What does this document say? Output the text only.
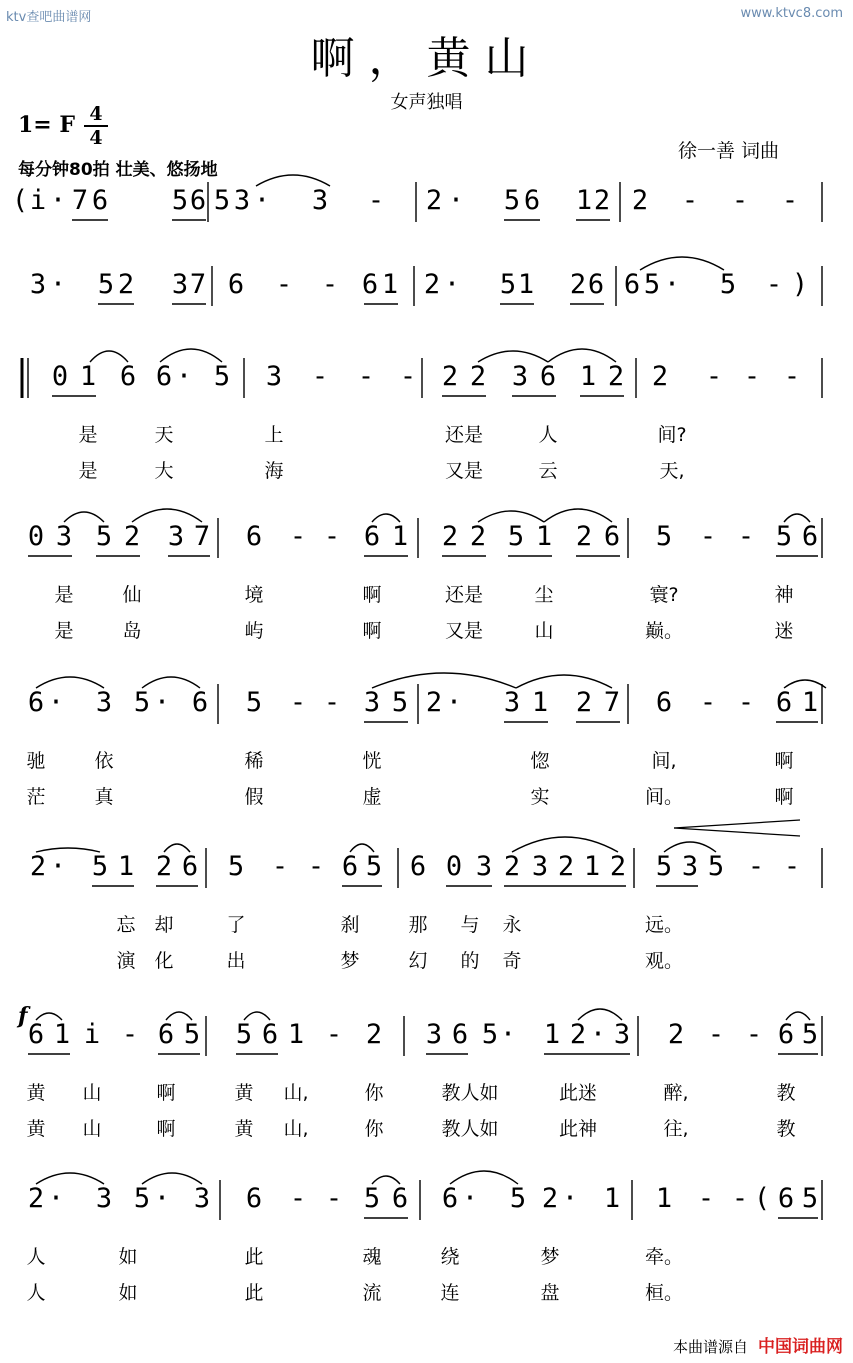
ktv查吧曲谱网	www.ktvc8.com
啊，黄山
女声独唱
1= F 4
4
徐一善 词曲
每分钟80拍 壮美、悠扬地
( i · 7 6 5 6 5 3 · 3 - 2 · 5 6 1 2 2 - - -
3 · 5 2 3 7 6 - - 6 1 2 · 5 1 2 6 6 5 · 5 - )
0 1 6 6 · 5 3 - - - 2 2 3 6 1 2 2 - - -
是	天	上	还是	人	间?
是	大	海	又是	云	天,
0 3 5 2 3 7 6 - - 6 1 2 2 5 1 2 6 5 - - 5 6
是	仙	境	啊	还是	尘	寰?	神
是	岛	屿	啊	又是	山	巅。	迷
6 · 3 5 · 6 5 - - 3 5 2 · 3 1 2 7 6 - - 6 1
驰	依	稀	恍	惚	间,	啊
茫	真	假	虚	实	间。	啊
2 · 5 1 2 6 5 - - 6 5 6 0 3 2 3 2 1 2 5 3 5 - -
忘 却	了	刹	那 与 永	远。
演 化	出	梦	幻 的 奇	观。
6 1 i - 6 5 5 6 1 - 2 3 6 5 · 1 2 · 3 2 - - 6 5
黄 山	啊	黄 山,	你	教人如	此迷	醉,	教
黄 山	啊	黄 山,	你	教人如	此神	往,	教
2 · 3 5 · 3 6 - - 5 6 6 · 5 2 · 1 1 - - ( 6 5
人	如	此	魂	绕	梦	牵。
人	如	此	流	连	盘	桓。
f
本曲谱源自 中国词曲网
